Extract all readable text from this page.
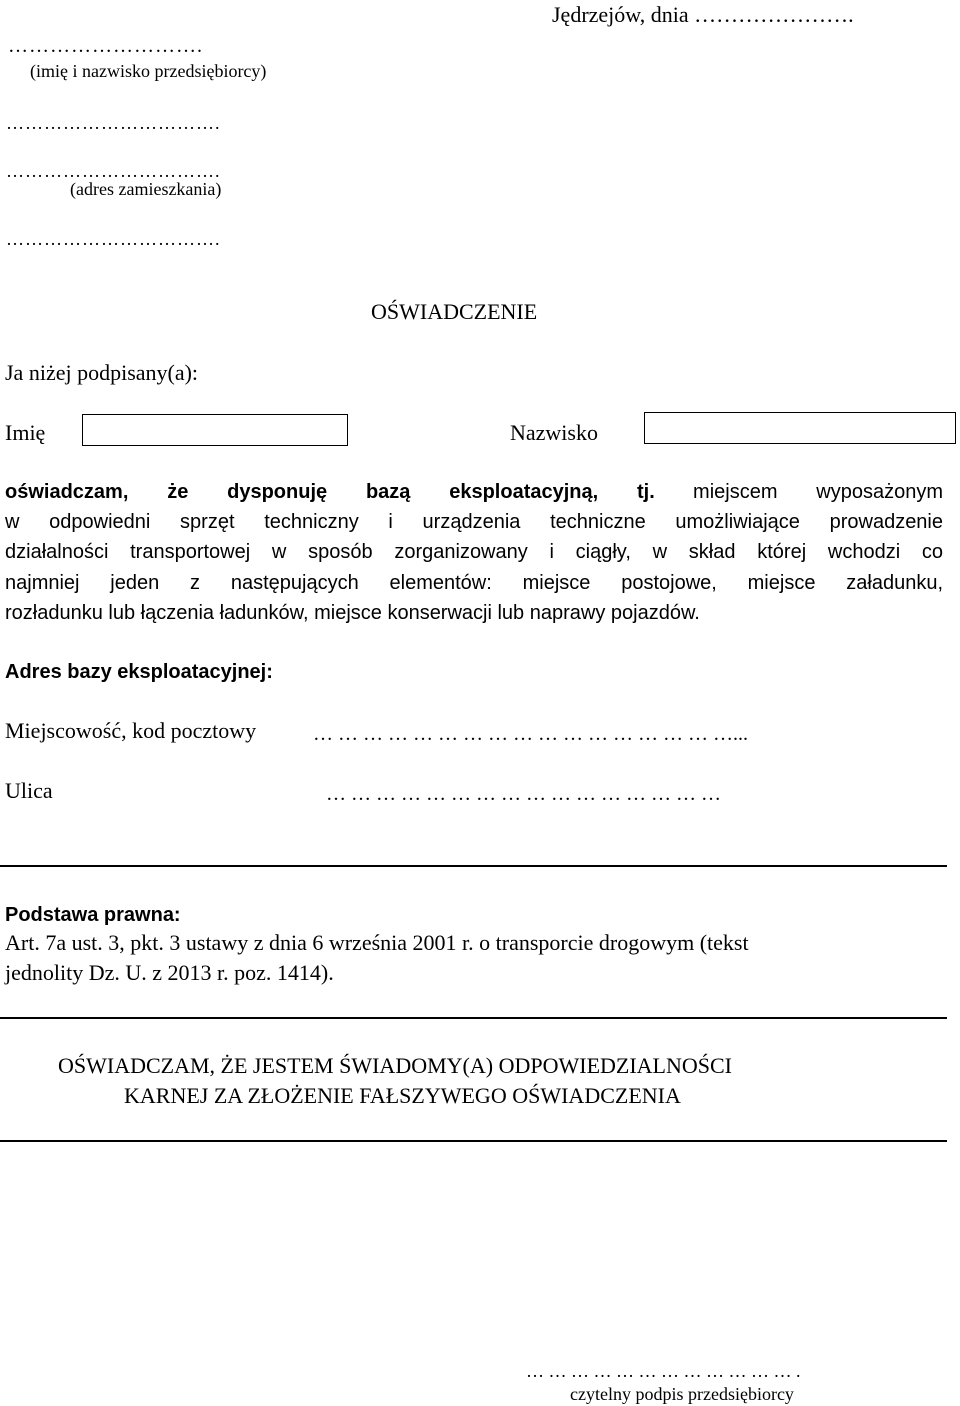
Jędrzejów, dnia ………………….
……………………….
(imię i nazwisko przedsiębiorcy)
…………………………….
…………………………….
(adres zamieszkania)
…………………………….
OŚWIADCZENIE
Ja niżej podpisany(a):
Imię	Nazwisko
oświadczam, że dysponuję bazą eksploatacyjną, tj. miejscem wyposażonym
w odpowiedni sprzęt techniczny i urządzenia techniczne umożliwiające prowadzenie
działalności transportowej w sposób zorganizowany i ciągły, w skład której wchodzi co
najmniej jeden z następujących elementów: miejsce postojowe, miejsce załadunku,
rozładunku lub łączenia ładunków, miejsce konserwacji lub naprawy pojazdów.
Adres bazy eksploatacyjnej:
Miejscowość, kod pocztowy	… … … … … … … … … … … … … … … … …...
Ulica	… … … … … … … … … … … … … … … …
Podstawa prawna:
Art. 7a ust. 3, pkt. 3 ustawy z dnia 6 września 2001 r. o transporcie drogowym (tekst
jednolity Dz. U. z 2013 r. poz. 1414).
OŚWIADCZAM, ŻE JESTEM ŚWIADOMY(A) ODPOWIEDZIALNOŚCI
KARNEJ ZA ZŁOŻENIE FAŁSZYWEGO OŚWIADCZENIA
… … … … … … … … … … … … .
czytelny podpis przedsiębiorcy
